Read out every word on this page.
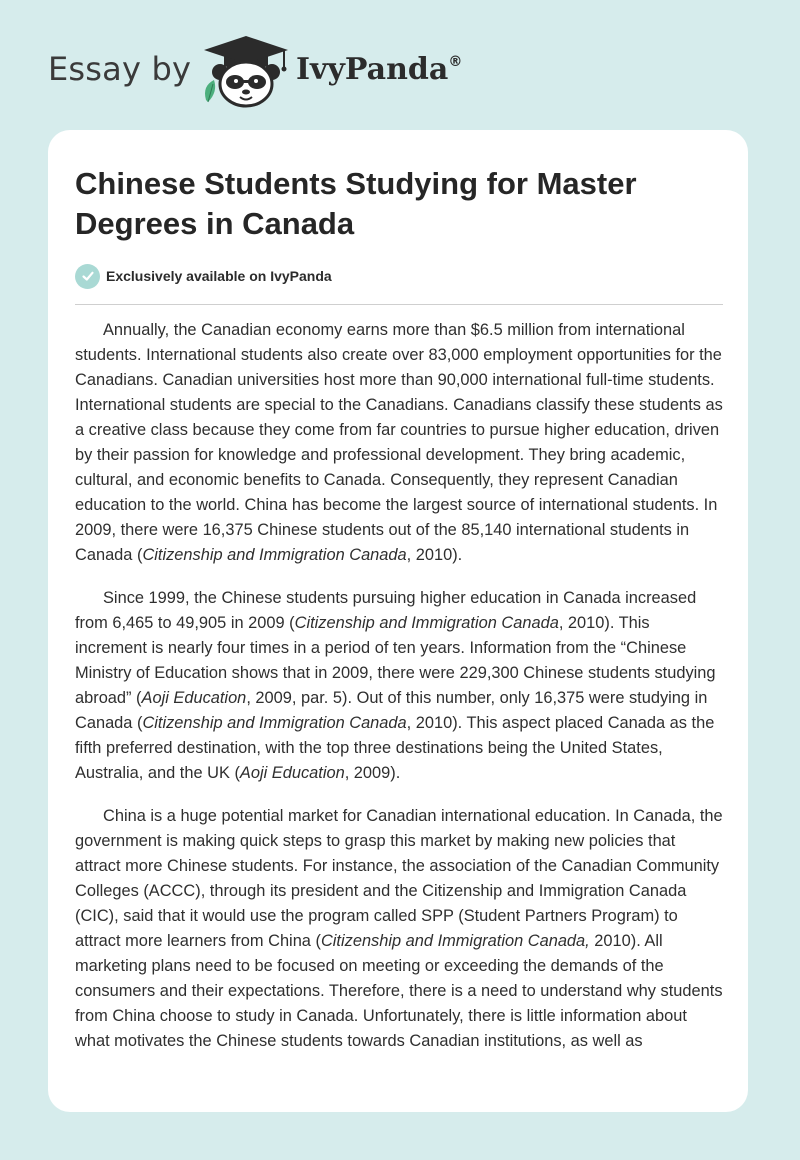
Essay by	IvyPanda®
Chinese Students Studying for Master Degrees in Canada
Exclusively available on IvyPanda

Annually, the Canadian economy earns more than $6.5 million from international students. International students also create over 83,000 employment opportunities for the Canadians. Canadian universities host more than 90,000 international full-time students. International students are special to the Canadians. Canadians classify these students as a creative class because they come from far countries to pursue higher education, driven by their passion for knowledge and professional development. They bring academic, cultural, and economic benefits to Canada. Consequently, they represent Canadian education to the world. China has become the largest source of international students. In 2009, there were 16,375 Chinese students out of the 85,140 international students in Canada (Citizenship and Immigration Canada, 2010).

Since 1999, the Chinese students pursuing higher education in Canada increased from 6,465 to 49,905 in 2009 (Citizenship and Immigration Canada, 2010). This increment is nearly four times in a period of ten years. Information from the “Chinese Ministry of Education shows that in 2009, there were 229,300 Chinese students studying abroad” (Aoji Education, 2009, par. 5). Out of this number, only 16,375 were studying in Canada (Citizenship and Immigration Canada, 2010). This aspect placed Canada as the fifth preferred destination, with the top three destinations being the United States, Australia, and the UK (Aoji Education, 2009).

China is a huge potential market for Canadian international education. In Canada, the government is making quick steps to grasp this market by making new policies that attract more Chinese students. For instance, the association of the Canadian Community Colleges (ACCC), through its president and the Citizenship and Immigration Canada (CIC), said that it would use the program called SPP (Student Partners Program) to attract more learners from China (Citizenship and Immigration Canada, 2010). All marketing plans need to be focused on meeting or exceeding the demands of the consumers and their expectations. Therefore, there is a need to understand why students from China choose to study in Canada. Unfortunately, there is little information about what motivates the Chinese students towards Canadian institutions, as well as
